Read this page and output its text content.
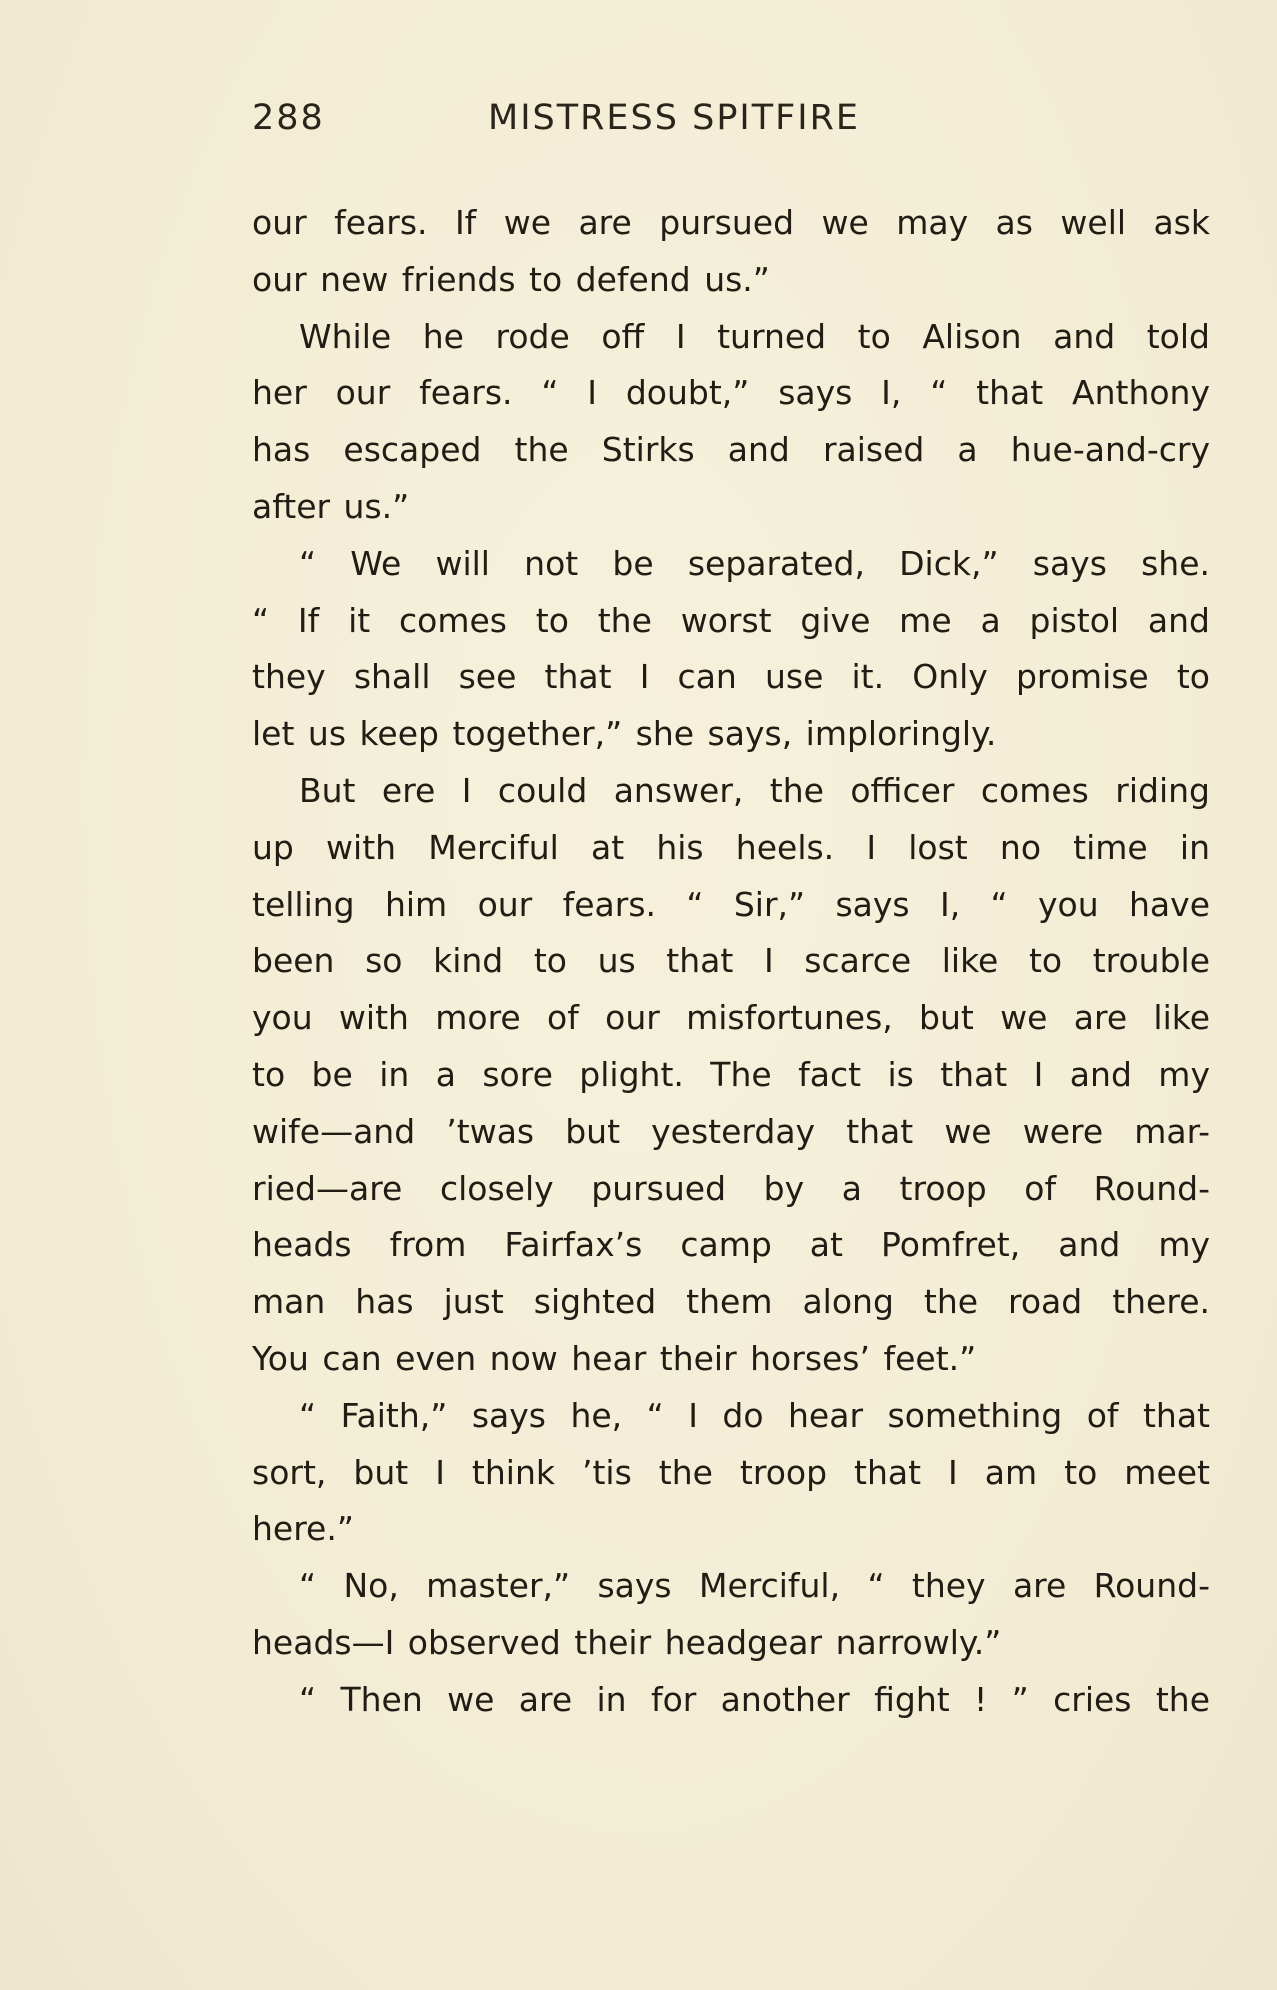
288	MISTRESS SPITFIRE
our fears. If we are pursued we may as well ask
our new friends to defend us.”
While he rode off I turned to Alison and told
her our fears. “ I doubt,” says I, “ that Anthony
has escaped the Stirks and raised a hue-and-cry
after us.”
“ We will not be separated, Dick,” says she.
“ If it comes to the worst give me a pistol and
they shall see that I can use it. Only promise to
let us keep together,” she says, imploringly.
But ere I could answer, the officer comes riding
up with Merciful at his heels. I lost no time in
telling him our fears. “ Sir,” says I, “ you have
been so kind to us that I scarce like to trouble
you with more of our misfortunes, but we are like
to be in a sore plight. The fact is that I and my
wife—and ’twas but yesterday that we were mar-
ried—are closely pursued by a troop of Round-
heads from Fairfax’s camp at Pomfret, and my
man has just sighted them along the road there.
You can even now hear their horses’ feet.”
“ Faith,” says he, “ I do hear something of that
sort, but I think ’tis the troop that I am to meet
here.”
“ No, master,” says Merciful, “ they are Round-
heads—I observed their headgear narrowly.”
“ Then we are in for another fight ! ” cries the
